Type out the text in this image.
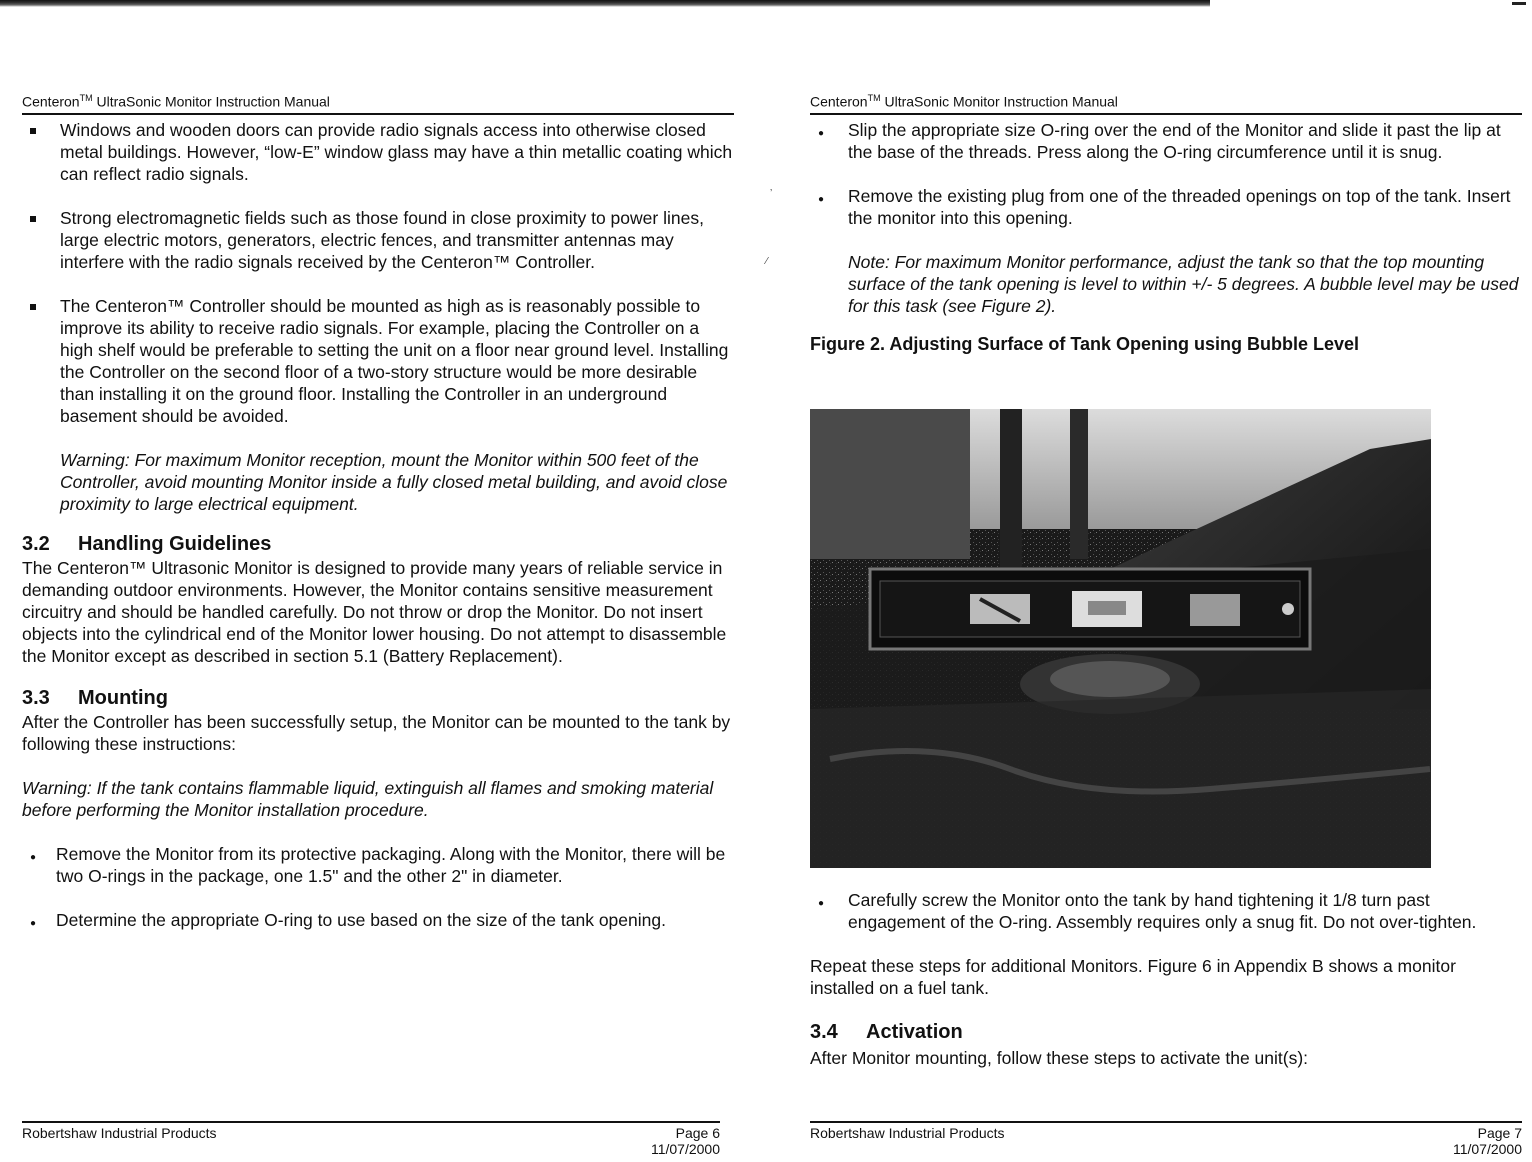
Centeron™ UltraSonic Monitor Instruction Manual

Windows and wooden doors can provide radio signals access into otherwise closed metal buildings. However, “low-E” window glass may have a thin metallic coating which can reflect radio signals.

Strong electromagnetic fields such as those found in close proximity to power lines, large electric motors, generators, electric fences, and transmitter antennas may interfere with the radio signals received by the Centeron™ Controller.

The Centeron™ Controller should be mounted as high as is reasonably possible to improve its ability to receive radio signals. For example, placing the Controller on a high shelf would be preferable to setting the unit on a floor near ground level. Installing the Controller on the second floor of a two-story structure would be more desirable than installing it on the ground floor. Installing the Controller in an underground basement should be avoided.

Warning: For maximum Monitor reception, mount the Monitor within 500 feet of the Controller, avoid mounting Monitor inside a fully closed metal building, and avoid close proximity to large electrical equipment.

3.2 Handling Guidelines

The Centeron™ Ultrasonic Monitor is designed to provide many years of reliable service in demanding outdoor environments. However, the Monitor contains sensitive measurement circuitry and should be handled carefully. Do not throw or drop the Monitor. Do not insert objects into the cylindrical end of the Monitor lower housing. Do not attempt to disassemble the Monitor except as described in section 5.1 (Battery Replacement).

3.3 Mounting

After the Controller has been successfully setup, the Monitor can be mounted to the tank by following these instructions:

Warning: If the tank contains flammable liquid, extinguish all flames and smoking material before performing the Monitor installation procedure.

●
Remove the Monitor from its protective packaging. Along with the Monitor, there will be two O-rings in the package, one 1.5" and the other 2" in diameter.

●
Determine the appropriate O-ring to use based on the size of the tank opening.

Robertshaw Industrial Products	Page 6
11/07/2000
’
⁄
Centeron™ UltraSonic Monitor Instruction Manual

●
Slip the appropriate size O-ring over the end of the Monitor and slide it past the lip at the base of the threads. Press along the O-ring circumference until it is snug.

●
Remove the existing plug from one of the threaded openings on top of the tank. Insert the monitor into this opening.

Note: For maximum Monitor performance, adjust the tank so that the top mounting surface of the tank opening is level to within +/- 5 degrees. A bubble level may be used for this task (see Figure 2).

Figure 2. Adjusting Surface of Tank Opening using Bubble Level

●
Carefully screw the Monitor onto the tank by hand tightening it 1/8 turn past engagement of the O-ring. Assembly requires only a snug fit. Do not over-tighten.

Repeat these steps for additional Monitors. Figure 6 in Appendix B shows a monitor installed on a fuel tank.

3.4 Activation

After Monitor mounting, follow these steps to activate the unit(s):

Robertshaw Industrial Products	Page 7
11/07/2000
